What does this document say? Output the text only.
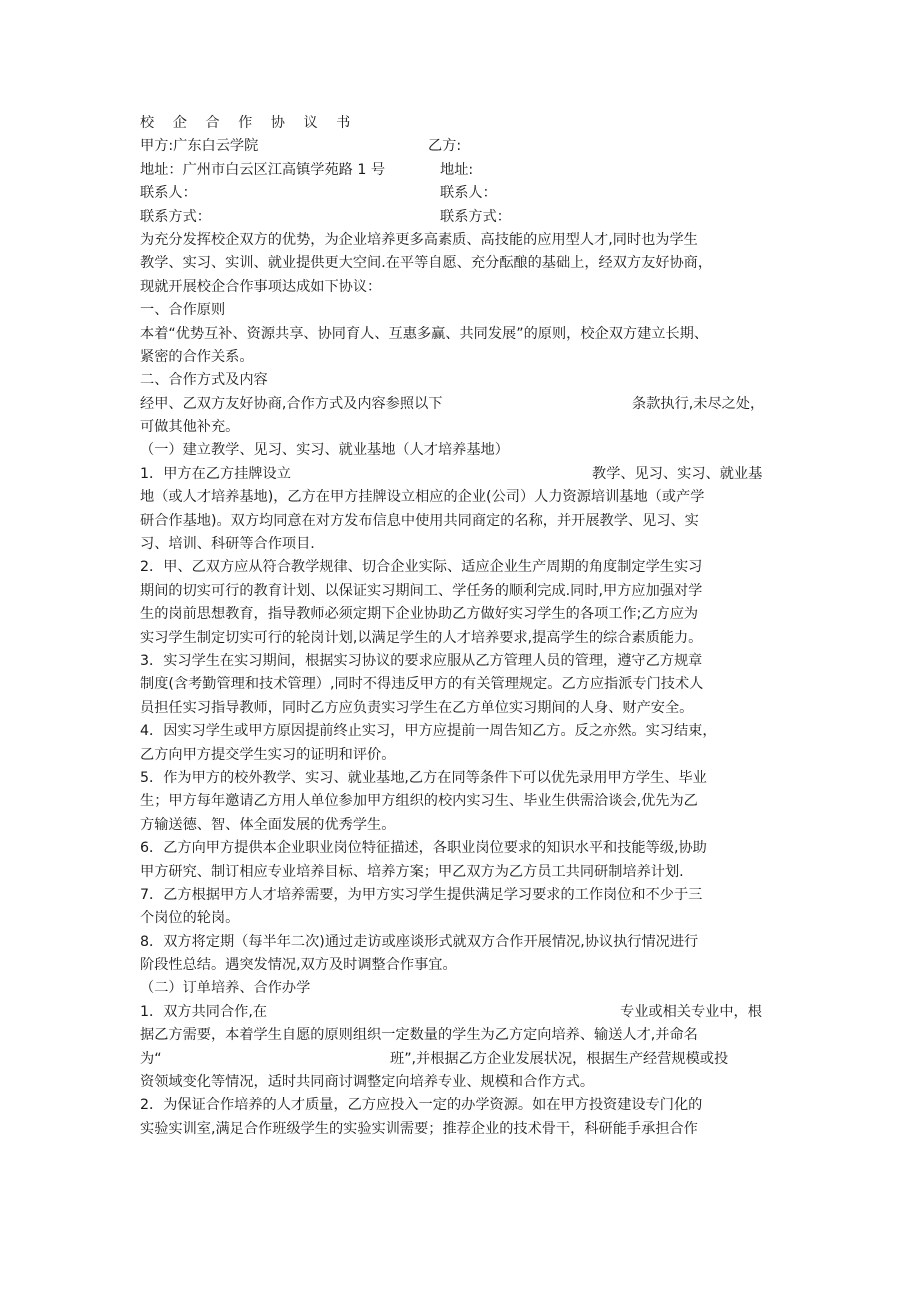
校 企 合 作 协 议 书
甲方:广东白云学院	乙方:
地址：广州市白云区江高镇学苑路 1 号	地址:
联系人：	联系人：
联系方式：	联系方式：
为充分发挥校企双方的优势，为企业培养更多高素质、高技能的应用型人才,同时也为学生
教学、实习、实训、就业提供更大空间.在平等自愿、充分酝酿的基础上，经双方友好协商，
现就开展校企合作事项达成如下协议：
一、合作原则
本着“优势互补、资源共享、协同育人、互惠多赢、共同发展”的原则，校企双方建立长期、
紧密的合作关系。
二、合作方式及内容
经甲、乙双方友好协商,合作方式及内容参照以下	条款执行,未尽之处，
可做其他补充。
（一）建立教学、见习、实习、就业基地（人才培养基地）
1．甲方在乙方挂牌设立	教学、见习、实习、就业基
地（或人才培养基地)，乙方在甲方挂牌设立相应的企业(公司）人力资源培训基地（或产学
研合作基地)。双方均同意在对方发布信息中使用共同商定的名称，并开展教学、见习、实
习、培训、科研等合作项目.
2．甲、乙双方应从符合教学规律、切合企业实际、适应企业生产周期的角度制定学生实习
期间的切实可行的教育计划、以保证实习期间工、学任务的顺利完成.同时,甲方应加强对学
生的岗前思想教育，指导教师必须定期下企业协助乙方做好实习学生的各项工作;乙方应为
实习学生制定切实可行的轮岗计划,以满足学生的人才培养要求,提高学生的综合素质能力。
3．实习学生在实习期间，根据实习协议的要求应服从乙方管理人员的管理，遵守乙方规章
制度(含考勤管理和技术管理）,同时不得违反甲方的有关管理规定。乙方应指派专门技术人
员担任实习指导教师，同时乙方应负责实习学生在乙方单位实习期间的人身、财产安全。
4．因实习学生或甲方原因提前终止实习，甲方应提前一周告知乙方。反之亦然。实习结束，
乙方向甲方提交学生实习的证明和评价。
5．作为甲方的校外教学、实习、就业基地,乙方在同等条件下可以优先录用甲方学生、毕业
生；甲方每年邀请乙方用人单位参加甲方组织的校内实习生、毕业生供需洽谈会,优先为乙
方输送德、智、体全面发展的优秀学生。
6．乙方向甲方提供本企业职业岗位特征描述，各职业岗位要求的知识水平和技能等级,协助
甲方研究、制订相应专业培养目标、培养方案；甲乙双方为乙方员工共同研制培养计划.
7．乙方根据甲方人才培养需要，为甲方实习学生提供满足学习要求的工作岗位和不少于三
个岗位的轮岗。
8．双方将定期（每半年二次)通过走访或座谈形式就双方合作开展情况,协议执行情况进行
阶段性总结。遇突发情况,双方及时调整合作事宜。
（二）订单培养、合作办学
1．双方共同合作,在	专业或相关专业中，根
据乙方需要，本着学生自愿的原则组织一定数量的学生为乙方定向培养、输送人才,并命名
为“	班”,并根据乙方企业发展状况，根据生产经营规模或投
资领域变化等情况，适时共同商讨调整定向培养专业、规模和合作方式。
2．为保证合作培养的人才质量，乙方应投入一定的办学资源。如在甲方投资建设专门化的
实验实训室,满足合作班级学生的实验实训需要；推荐企业的技术骨干，科研能手承担合作
